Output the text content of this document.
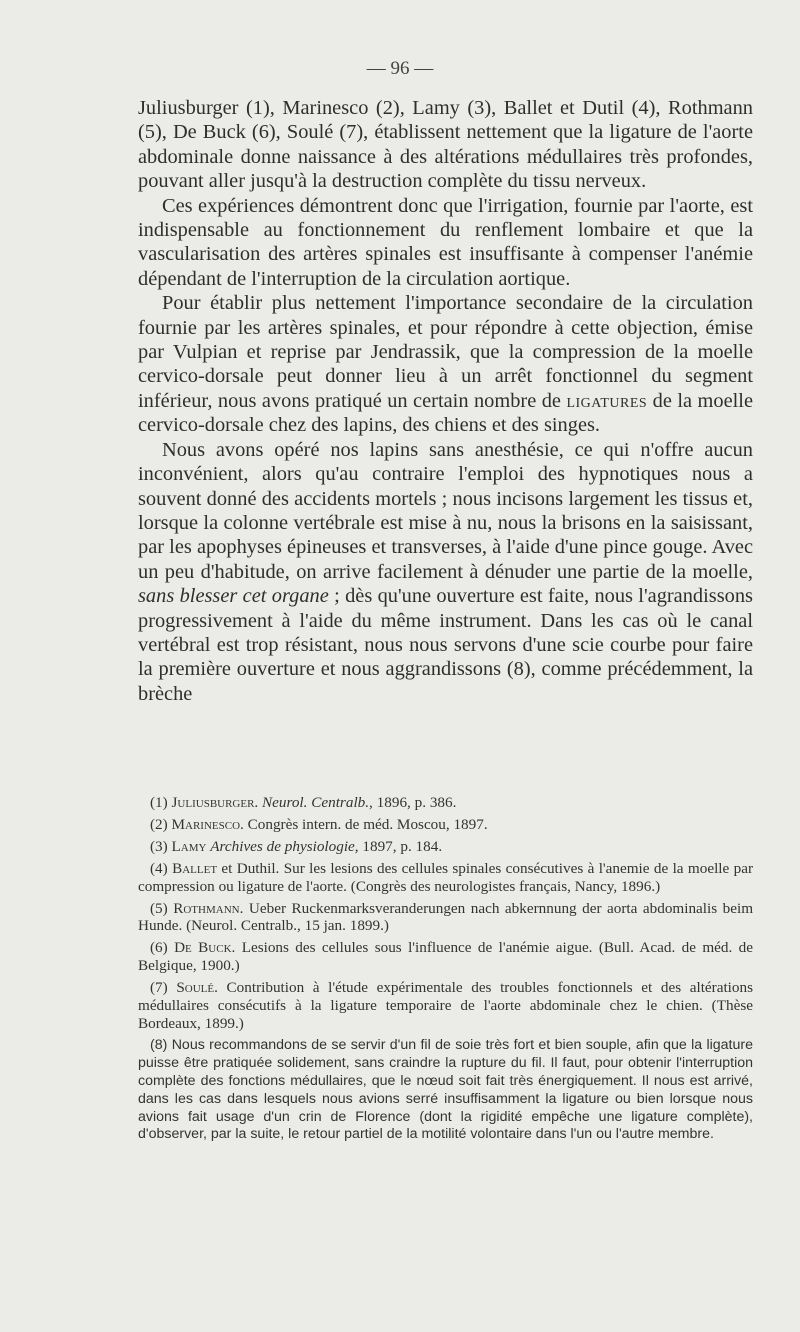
— 96 —

Juliusburger (1), Marinesco (2), Lamy (3), Ballet et Dutil (4), Rothmann (5), De Buck (6), Soulé (7), établissent nettement que la ligature de l'aorte abdominale donne naissance à des altérations médullaires très profondes, pouvant aller jusqu'à la destruction complète du tissu nerveux.

Ces expériences démontrent donc que l'irrigation, fournie par l'aorte, est indispensable au fonctionnement du renflement lombaire et que la vascularisation des artères spinales est insuffisante à compenser l'anémie dépendant de l'interruption de la circulation aortique.

Pour établir plus nettement l'importance secondaire de la circulation fournie par les artères spinales, et pour répondre à cette objection, émise par Vulpian et reprise par Jendrassik, que la compression de la moelle cervico-dorsale peut donner lieu à un arrêt fonctionnel du segment inférieur, nous avons pratiqué un certain nombre de ligatures de la moelle cervico-dorsale chez des lapins, des chiens et des singes.

Nous avons opéré nos lapins sans anesthésie, ce qui n'offre aucun inconvénient, alors qu'au contraire l'emploi des hypnotiques nous a souvent donné des accidents mortels ; nous incisons largement les tissus et, lorsque la colonne vertébrale est mise à nu, nous la brisons en la saisissant, par les apophyses épineuses et transverses, à l'aide d'une pince gouge. Avec un peu d'habitude, on arrive facilement à dénuder une partie de la moelle, sans blesser cet organe ; dès qu'une ouverture est faite, nous l'agrandissons progressivement à l'aide du même instrument. Dans les cas où le canal vertébral est trop résistant, nous nous servons d'une scie courbe pour faire la première ouverture et nous aggrandissons (8), comme précédemment, la brèche

(1) Juliusburger. Neurol. Centralb., 1896, p. 386.

(2) Marinesco. Congrès intern. de méd. Moscou, 1897.

(3) Lamy Archives de physiologie, 1897, p. 184.

(4) Ballet et Duthil. Sur les lesions des cellules spinales consécutives à l'anemie de la moelle par compression ou ligature de l'aorte. (Congrès des neurologistes français, Nancy, 1896.)

(5) Rothmann. Ueber Ruckenmarksveranderungen nach abkernnung der aorta abdominalis beim Hunde. (Neurol. Centralb., 15 jan. 1899.)

(6) De Buck. Lesions des cellules sous l'influence de l'anémie aigue. (Bull. Acad. de méd. de Belgique, 1900.)

(7) Soulé. Contribution à l'étude expérimentale des troubles fonctionnels et des altérations médullaires consécutifs à la ligature temporaire de l'aorte abdominale chez le chien. (Thèse Bordeaux, 1899.)

(8) Nous recommandons de se servir d'un fil de soie très fort et bien souple, afin que la ligature puisse être pratiquée solidement, sans craindre la rupture du fil. Il faut, pour obtenir l'interruption complète des fonctions médullaires, que le nœud soit fait très énergiquement. Il nous est arrivé, dans les cas dans lesquels nous avions serré insuffisamment la ligature ou bien lorsque nous avions fait usage d'un crin de Florence (dont la rigidité empêche une ligature complète), d'observer, par la suite, le retour partiel de la motilité volontaire dans l'un ou l'autre membre.
